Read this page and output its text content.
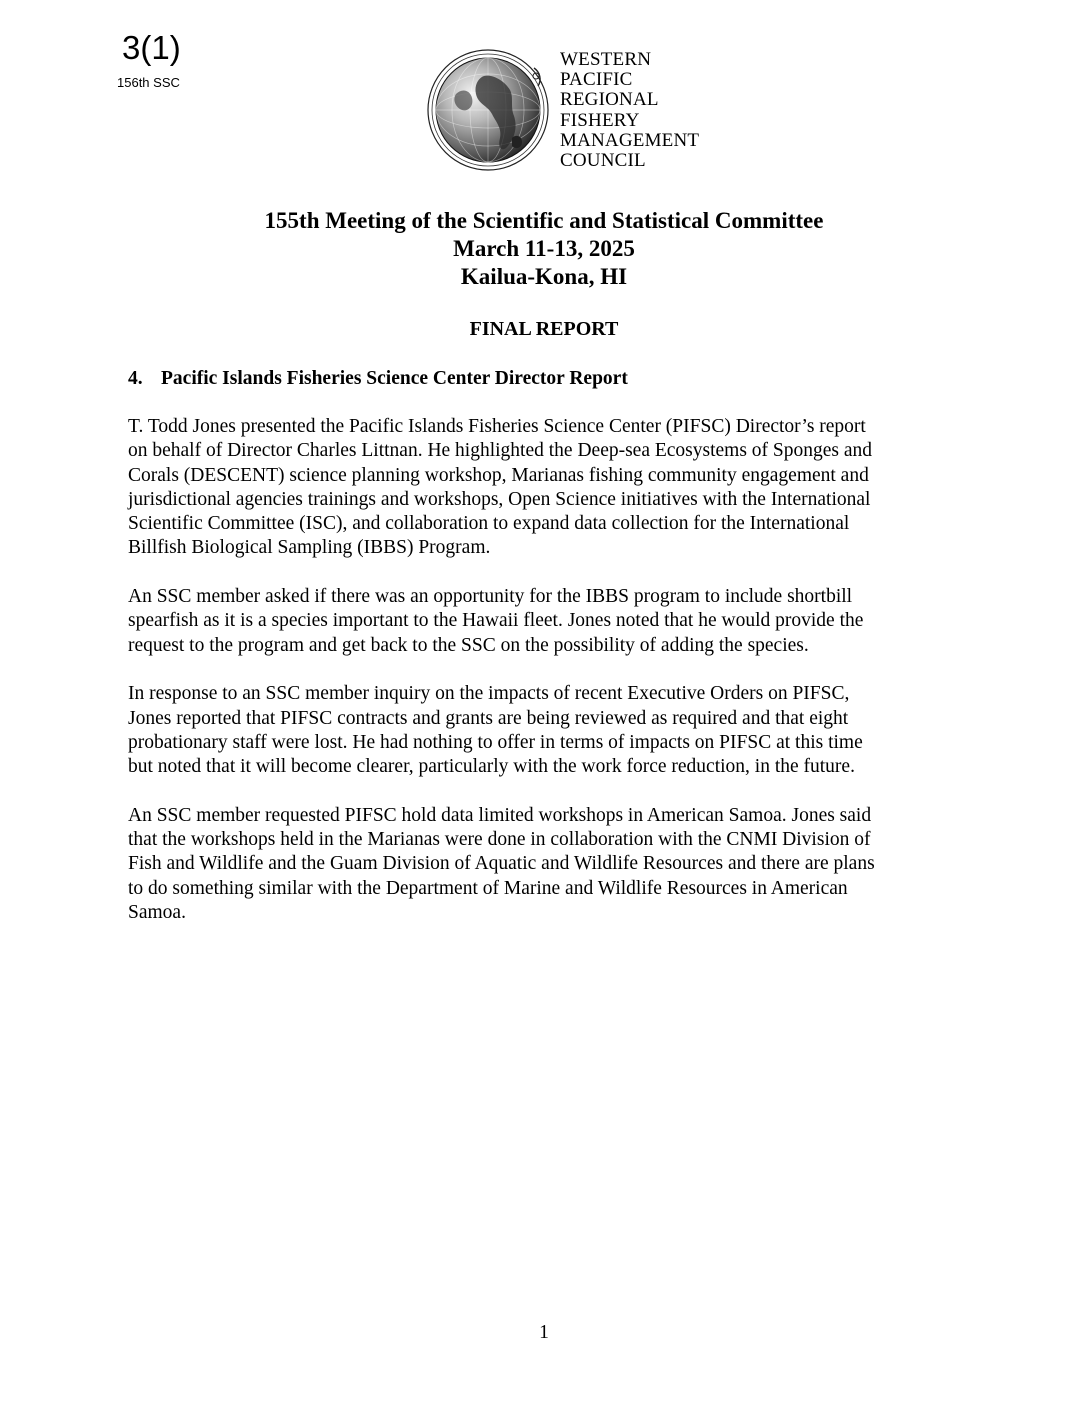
3(1)
156th SSC
WESTERN
PACIFIC
REGIONAL
FISHERY
MANAGEMENT
COUNCIL
155th Meeting of the Scientific and Statistical Committee
March 11-13, 2025
Kailua-Kona, HI
FINAL REPORT
4. Pacific Islands Fisheries Science Center Director Report
T. Todd Jones presented the Pacific Islands Fisheries Science Center (PIFSC) Director’s report
on behalf of Director Charles Littnan. He highlighted the Deep-sea Ecosystems of Sponges and
Corals (DESCENT) science planning workshop, Marianas fishing community engagement and
jurisdictional agencies trainings and workshops, Open Science initiatives with the International
Scientific Committee (ISC), and collaboration to expand data collection for the International
Billfish Biological Sampling (IBBS) Program.
An SSC member asked if there was an opportunity for the IBBS program to include shortbill
spearfish as it is a species important to the Hawaii fleet. Jones noted that he would provide the
request to the program and get back to the SSC on the possibility of adding the species.
In response to an SSC member inquiry on the impacts of recent Executive Orders on PIFSC,
Jones reported that PIFSC contracts and grants are being reviewed as required and that eight
probationary staff were lost. He had nothing to offer in terms of impacts on PIFSC at this time
but noted that it will become clearer, particularly with the work force reduction, in the future.
An SSC member requested PIFSC hold data limited workshops in American Samoa. Jones said
that the workshops held in the Marianas were done in collaboration with the CNMI Division of
Fish and Wildlife and the Guam Division of Aquatic and Wildlife Resources and there are plans
to do something similar with the Department of Marine and Wildlife Resources in American
Samoa.
1
